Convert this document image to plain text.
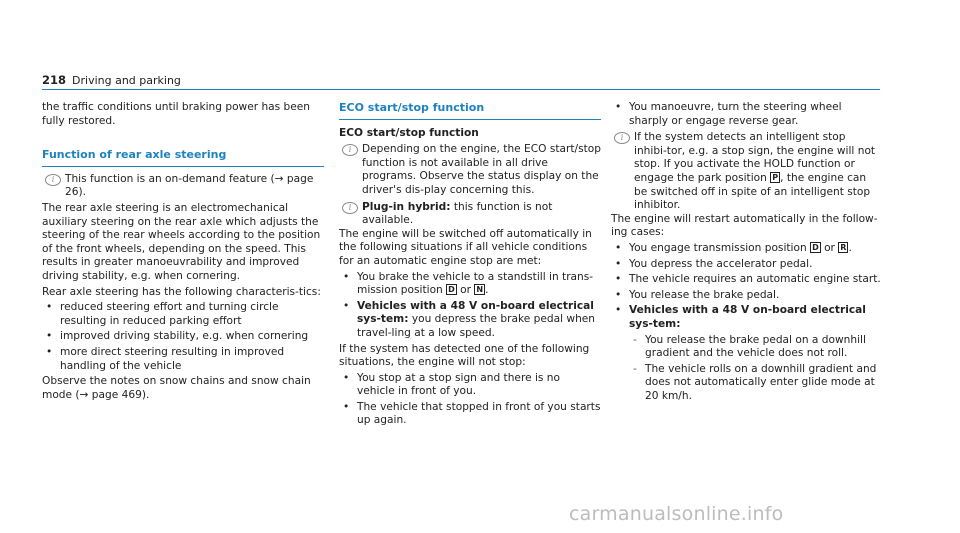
218 Driving and parking

the traffic conditions until braking power has been fully restored.

Function of rear axle steering
i	This function is an on-demand feature (→ page 26).

The rear axle steering is an electromechanical auxiliary steering on the rear axle which adjusts the steering of the rear wheels according to the position of the front wheels, depending on the speed. This results in greater manoeuvrability and improved driving stability, e.g. when cornering.

Rear axle steering has the following characteris-tics:

• reduced steering effort and turning circle resulting in reduced parking effort
• improved driving stability, e.g. when cornering
• more direct steering resulting in improved handling of the vehicle

Observe the notes on snow chains and snow chain mode (→ page 469).

ECO start/stop function

ECO start/stop function

i	Depending on the engine, the ECO start/stop function is not available in all drive programs. Observe the status display on the driver's dis-play concerning this.
i	Plug-in hybrid: this function is not available.

The engine will be switched off automatically in the following situations if all vehicle conditions for an automatic engine stop are met:

• You brake the vehicle to a standstill in trans-mission position D or N .
• Vehicles with a 48 V on-board electrical sys-tem: you depress the brake pedal when travel-ling at a low speed.

If the system has detected one of the following situations, the engine will not stop:

• You stop at a stop sign and there is no vehicle in front of you.
• The vehicle that stopped in front of you starts up again.
• You manoeuvre, turn the steering wheel sharply or engage reverse gear.
i	If the system detects an intelligent stop inhibi-tor, e.g. a stop sign, the engine will not stop. If you activate the HOLD function or engage the park position P , the engine can be switched off in spite of an intelligent stop inhibitor.

The engine will restart automatically in the follow-ing cases:

• You engage transmission position D or R .
• You depress the accelerator pedal.
• The vehicle requires an automatic engine start.
• You release the brake pedal.
• Vehicles with a 48 V on-board electrical sys-tem:
- You release the brake pedal on a downhill gradient and the vehicle does not roll.
- The vehicle rolls on a downhill gradient and does not automatically enter glide mode at 20 km/h.
carmanualsonline.info
